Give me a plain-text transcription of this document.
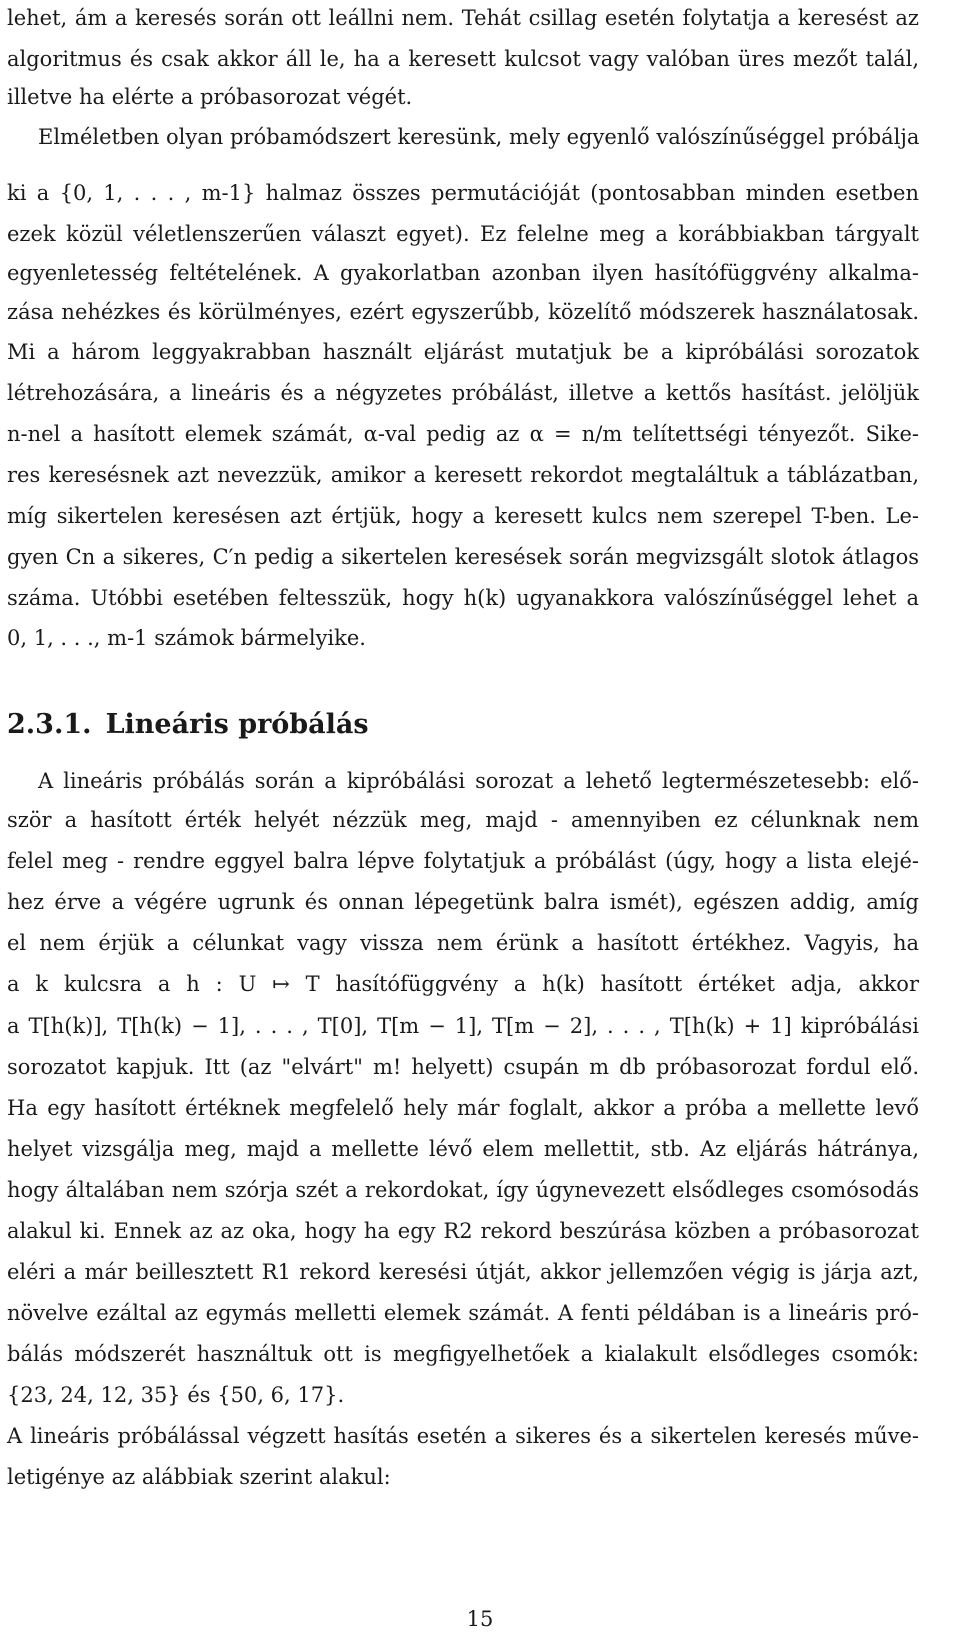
lehet, ám a keresés során ott leállni nem. Tehát csillag esetén folytatja a keresést az
algoritmus és csak akkor áll le, ha a keresett kulcsot vagy valóban üres mezőt talál,
illetve ha elérte a próbasorozat végét.
Elméletben olyan próbamódszert keresünk, mely egyenlő valószínűséggel próbálja
ki a {0, 1, . . . , m-1} halmaz összes permutációját (pontosabban minden esetben
ezek közül véletlenszerűen választ egyet). Ez felelne meg a korábbiakban tárgyalt
egyenletesség feltételének. A gyakorlatban azonban ilyen hasítófüggvény alkalma-
zása nehézkes és körülményes, ezért egyszerűbb, közelítő módszerek használatosak.
Mi a három leggyakrabban használt eljárást mutatjuk be a kipróbálási sorozatok
létrehozására, a lineáris és a négyzetes próbálást, illetve a kettős hasítást. jelöljük
n-nel a hasított elemek számát, α-val pedig az α = n/m telítettségi tényezőt. Sike-
res keresésnek azt nevezzük, amikor a keresett rekordot megtaláltuk a táblázatban,
míg sikertelen keresésen azt értjük, hogy a keresett kulcs nem szerepel T-ben. Le-
gyen Cn a sikeres, C′n pedig a sikertelen keresések során megvizsgált slotok átlagos
száma. Utóbbi esetében feltesszük, hogy h(k) ugyanakkora valószínűséggel lehet a
0, 1, . . ., m-1 számok bármelyike.
2.3.1. Lineáris próbálás
A lineáris próbálás során a kipróbálási sorozat a lehető legtermészetesebb: elő-
ször a hasított érték helyét nézzük meg, majd - amennyiben ez célunknak nem
felel meg - rendre eggyel balra lépve folytatjuk a próbálást (úgy, hogy a lista elejé-
hez érve a végére ugrunk és onnan lépegetünk balra ismét), egészen addig, amíg
el nem érjük a célunkat vagy vissza nem érünk a hasított értékhez. Vagyis, ha
a k kulcsra a h : U ↦ T hasítófüggvény a h(k) hasított értéket adja, akkor
a T[h(k)], T[h(k) − 1], . . . , T[0], T[m − 1], T[m − 2], . . . , T[h(k) + 1] kipróbálási
sorozatot kapjuk. Itt (az "elvárt" m! helyett) csupán m db próbasorozat fordul elő.
Ha egy hasított értéknek megfelelő hely már foglalt, akkor a próba a mellette levő
helyet vizsgálja meg, majd a mellette lévő elem mellettit, stb. Az eljárás hátránya,
hogy általában nem szórja szét a rekordokat, így úgynevezett elsődleges csomósodás
alakul ki. Ennek az az oka, hogy ha egy R2 rekord beszúrása közben a próbasorozat
eléri a már beillesztett R1 rekord keresési útját, akkor jellemzően végig is járja azt,
növelve ezáltal az egymás melletti elemek számát. A fenti példában is a lineáris pró-
bálás módszerét használtuk ott is megfigyelhetőek a kialakult elsődleges csomók:
{23, 24, 12, 35} és {50, 6, 17}.
A lineáris próbálással végzett hasítás esetén a sikeres és a sikertelen keresés műve-
letigénye az alábbiak szerint alakul:
15
